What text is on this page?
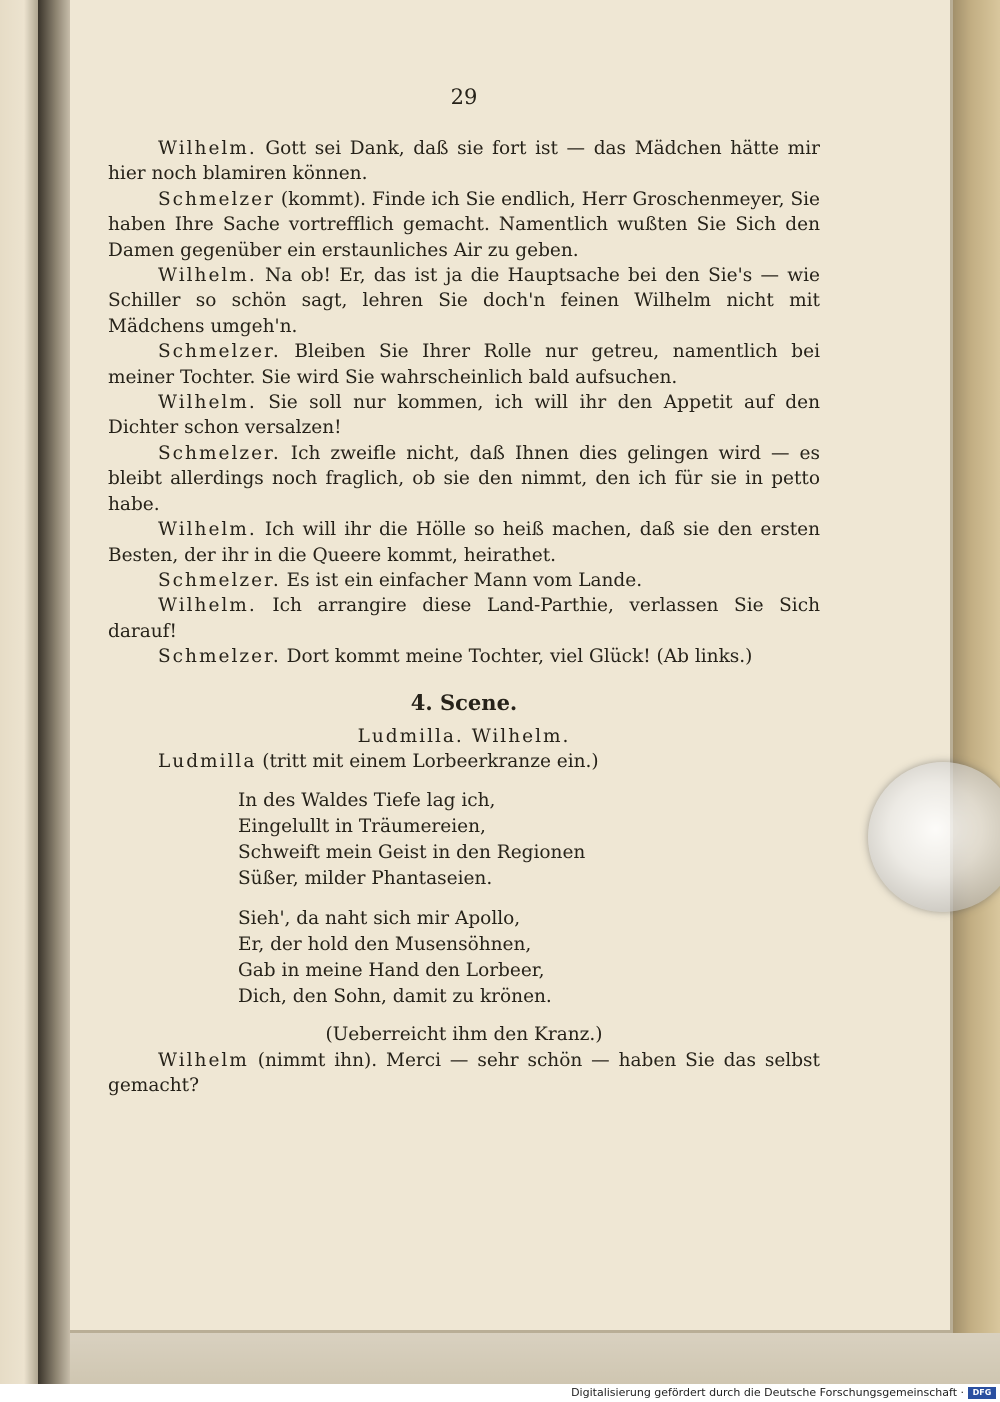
29

Wilhelm. Gott sei Dank, daß sie fort ist — das Mädchen hätte mir hier noch blamiren können.

Schmelzer (kommt). Finde ich Sie endlich, Herr Groschenmeyer, Sie haben Ihre Sache vortrefflich gemacht. Namentlich wußten Sie Sich den Damen gegenüber ein erstaunliches Air zu geben.

Wilhelm. Na ob! Er, das ist ja die Hauptsache bei den Sie's — wie Schiller so schön sagt, lehren Sie doch'n feinen Wilhelm nicht mit Mädchens umgeh'n.

Schmelzer. Bleiben Sie Ihrer Rolle nur getreu, namentlich bei meiner Tochter. Sie wird Sie wahrscheinlich bald aufsuchen.

Wilhelm. Sie soll nur kommen, ich will ihr den Appetit auf den Dichter schon versalzen!

Schmelzer. Ich zweifle nicht, daß Ihnen dies gelingen wird — es bleibt allerdings noch fraglich, ob sie den nimmt, den ich für sie in petto habe.

Wilhelm. Ich will ihr die Hölle so heiß machen, daß sie den ersten Besten, der ihr in die Queere kommt, heirathet.

Schmelzer. Es ist ein einfacher Mann vom Lande.

Wilhelm. Ich arrangire diese Land-Parthie, verlassen Sie Sich darauf!

Schmelzer. Dort kommt meine Tochter, viel Glück! (Ab links.)

4. Scene.
Ludmilla. Wilhelm.

Ludmilla (tritt mit einem Lorbeerkranze ein.)

In des Waldes Tiefe lag ich,
Eingelullt in Träumereien,
Schweift mein Geist in den Regionen
Süßer, milder Phantaseien.
Sieh', da naht sich mir Apollo,
Er, der hold den Musensöhnen,
Gab in meine Hand den Lorbeer,
Dich, den Sohn, damit zu krönen.
(Ueberreicht ihm den Kranz.)

Wilhelm (nimmt ihn). Merci — sehr schön — haben Sie das selbst gemacht?

Digitalisierung gefördert durch die Deutsche Forschungsgemeinschaft ·	DFG
